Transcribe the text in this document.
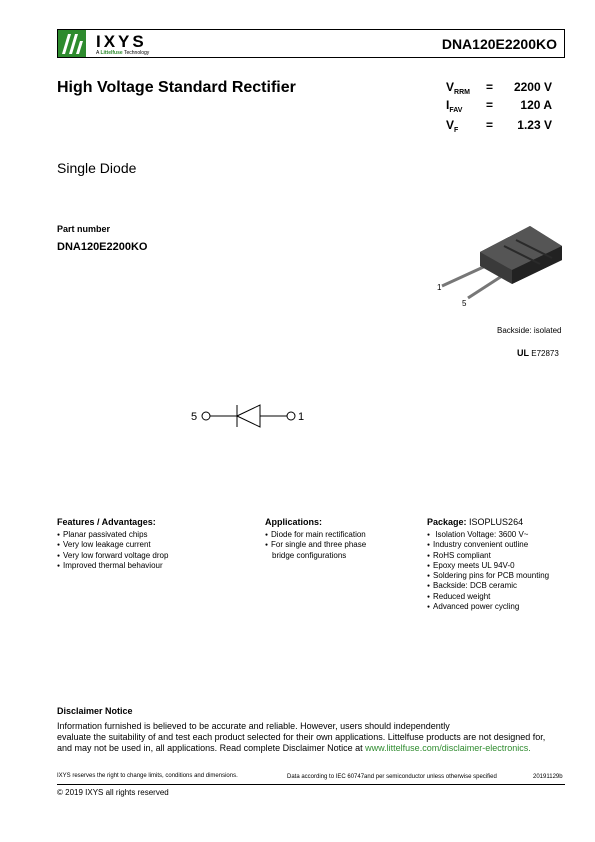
IXYS
A Littelfuse Technology
DNA120E2200KO
High Voltage Standard Rectifier	$V_{RRM} = 2200$ V
$I_{FAV} = 120$ A
$V_F = 1.23$ V
Single Diode
Part number
DNA120E2200KO
1
5
Backside: isolated
UL E72873
5	1
Features / Advantages:
● Planar passivated chips
● Very low leakage current
● Very low forward voltage drop
● Improved thermal behaviour
Applications:
● Diode for main rectification
● For single and three phase
bridge configurations
Package: ISOPLUS264
● Isolation Voltage: 3600 V~
● Industry convenient outline
● RoHS compliant
● Epoxy meets UL 94V-0
● Soldering pins for PCB mounting
● Backside: DCB ceramic
● Reduced weight
● Advanced power cycling
Disclaimer Notice
Information furnished is believed to be accurate and reliable. However, users should independently
evaluate the suitability of and test each product selected for their own applications. Littelfuse products are not designed for,
and may not be used in, all applications. Read complete Disclaimer Notice at www.littelfuse.com/disclaimer-electronics.
IXYS reserves the right to change limits, conditions and dimensions.	Data according to IEC 60747and per semiconductor unless otherwise specified	20191129b
© 2019 IXYS all rights reserved
